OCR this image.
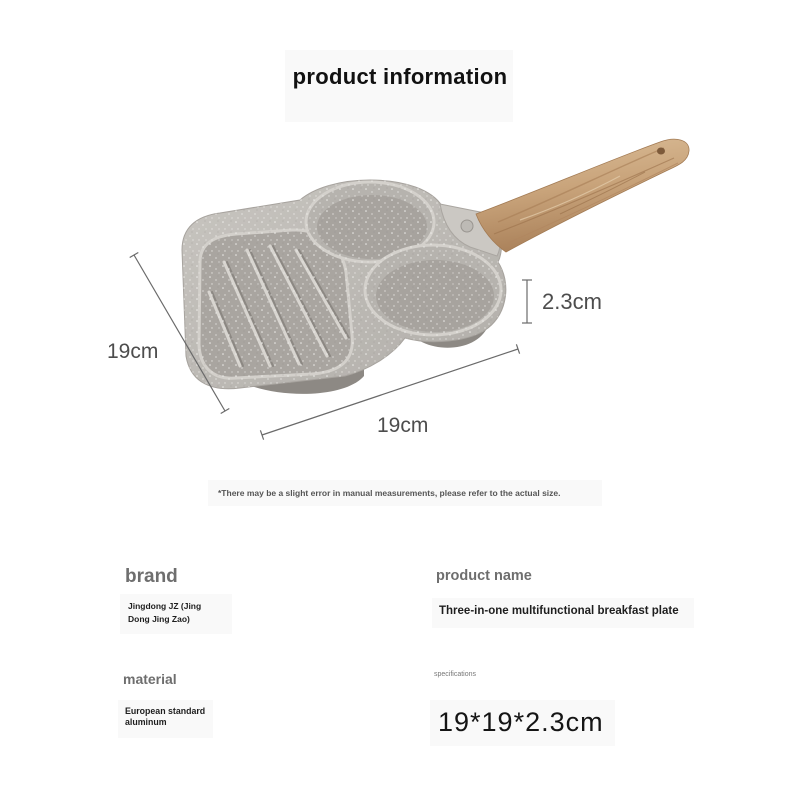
product information
19cm
19cm
2.3cm
*There may be a slight error in manual measurements, please refer to the actual size.
brand
Jingdong JZ (Jing
Dong Jing Zao)
product name
Three-in-one multifunctional breakfast plate
material
European standard
aluminum
specifications
19*19*2.3cm
